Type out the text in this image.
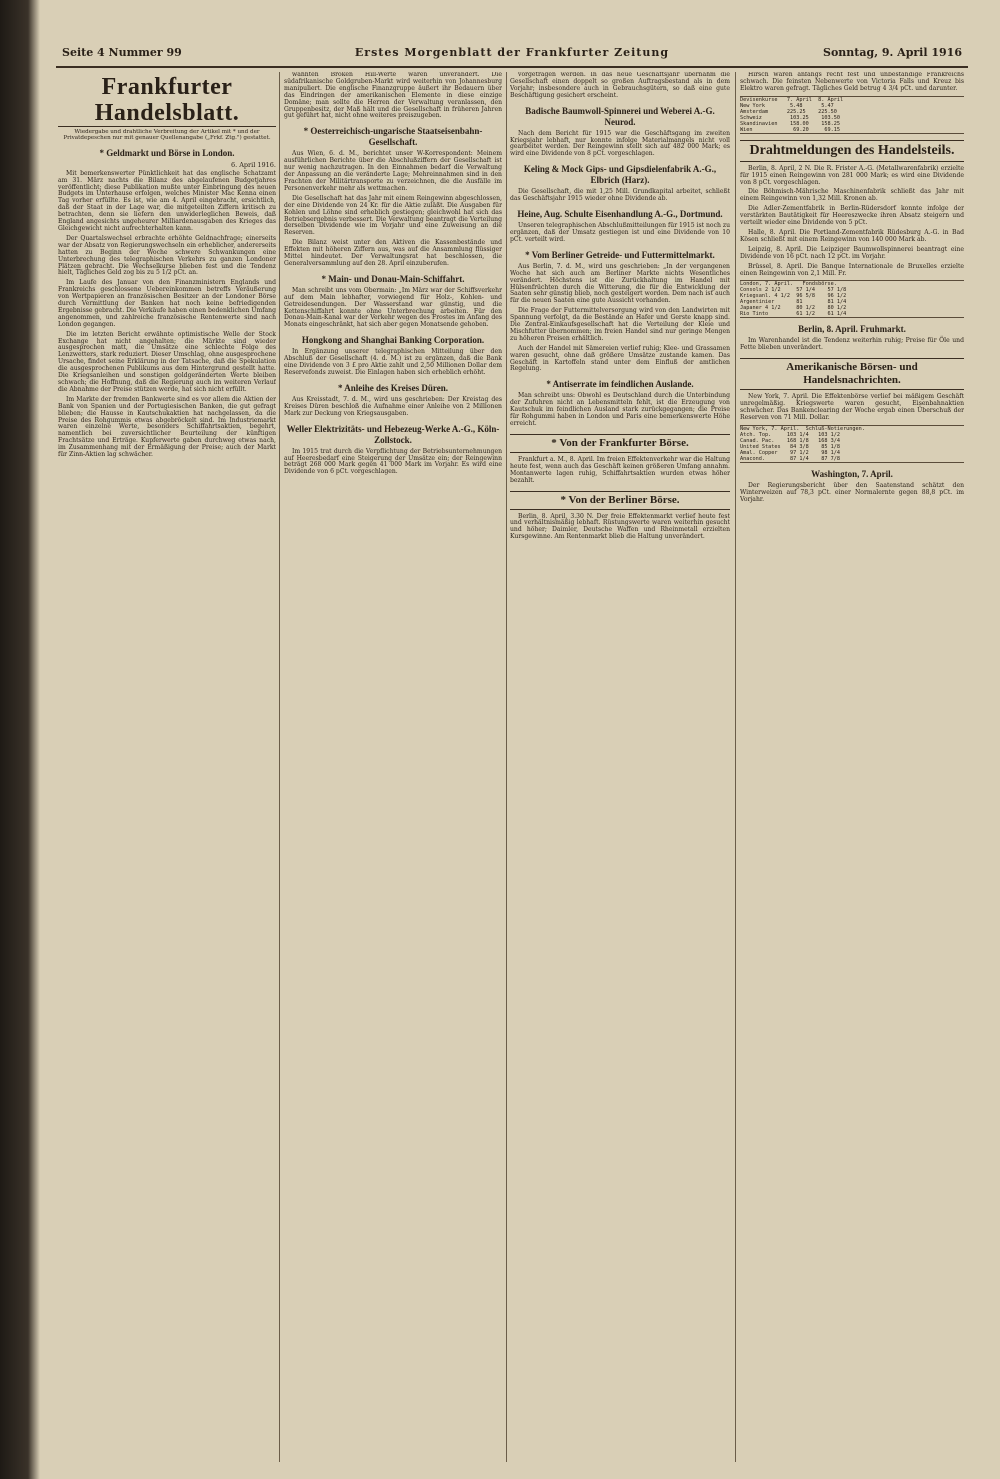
Seite 4 Nummer 99	Erstes Morgenblatt der Frankfurter Zeitung	Sonntag, 9. April 1916
Frankfurter Handelsblatt.
Wiedergabe und drahtliche Verbreitung der Artikel mit * und der Privatdepeschen nur mit genauer Quellenangabe („Frkf. Ztg.") gestattet.
* Geldmarkt und Börse in London.
6. April 1916.

Mit bemerkenswerter Pünktlichkeit hat das englische Schatzamt am 31. März nachts die Bilanz des abgelaufenen Budgetjahres veröffentlicht; diese Publikation mußte unter Einbringung des neuen Budgets im Unterhause erfolgen, welches Minister Mac Kenna einen Tag vorher erfüllte. Es ist, wie am 4. April eingebracht, ersichtlich, daß der Staat in der Lage war, die mitgeteilten Ziffern kritisch zu betrachten, denn sie liefern den unwiderleglichen Beweis, daß England angesichts ungeheurer Milliardenausgaben des Krieges das Gleichgewicht nicht aufrechterhalten kann.

Der Quartalswechsel erbrachte erhöhte Geldnachfrage; einerseits war der Absatz von Regierungswechseln ein erheblicher, andererseits hatten zu Beginn der Woche schwere Schwankungen eine Unterbrechung des telegraphischen Verkehrs zu ganzen Londoner Plätzen gebracht. Die Wechselkurse blieben fest und die Tendenz hielt, Tägliches Geld zog bis zu 5 1/2 pCt. an.

Im Laufe des Januar von den Finanzministern Englands und Frankreichs geschlossene Uebereinkommen betreffs Veräußerung von Wertpapieren an französischen Besitzer an der Londoner Börse durch Vermittlung der Banken hat noch keine befriedigenden Ergebnisse gebracht. Die Verkäufe haben einen bedenklichen Umfang angenommen, und zahlreiche französische Rentenwerte sind nach London gegangen.

Die im letzten Bericht erwähnte optimistische Welle der Stock Exchange hat nicht angehalten; die Märkte sind wieder ausgesprochen matt, die Umsätze eine schlechte Folge des Lenzwetters, stark reduziert. Dieser Umschlag, ohne ausgesprochene Ursache, findet seine Erklärung in der Tatsache, daß die Spekulation die ausgesprochenen Publikums aus dem Hintergrund gestellt hatte. Die Kriegsanleihen und sonstigen goldgeränderten Werte bleiben schwach; die Hoffnung, daß die Regierung auch im weiteren Verlauf die Abnahme der Preise stützen werde, hat sich nicht erfüllt.

Im Markte der fremden Bankwerte sind es vor allem die Aktien der Bank von Spanien und der Portugiesischen Banken, die gut gefragt blieben; die Hausse in Kautschukaktien hat nachgelassen, da die Preise des Rohgummis etwas abgebröckelt sind. Im Industriemarkt waren einzelne Werte, besonders Schiffahrtsaktien, begehrt, namentlich bei zuversichtlicher Beurteilung der künftigen Frachtsätze und Erträge. Kupferwerte gaben durchweg etwas nach, im Zusammenhang mit der Ermäßigung der Preise; auch der Markt für Zinn-Aktien lag schwächer.

wähnten Broken Hill-Werte waren unverändert. Die südafrikanische Goldgruben-Markt wird weiterhin von Johannesburg manipuliert. Die englische Finanzgruppe äußert ihr Bedauern über das Eindringen der amerikanischen Elemente in diese einzige Domäne; man sollte die Herren der Verwaltung veranlassen, den Gruppenbesitz, der Maß hält und die Gesellschaft in früheren Jahren gut geführt hat, nicht ohne weiteres preiszugeben.

* Oesterreichisch-ungarische Staatseisenbahn-Gesellschaft.

Aus Wien, 6. d. M., berichtet unser W-Korrespondent: Meinem ausführlichen Berichte über die Abschlußziffern der Gesellschaft ist nur wenig nachzutragen. In den Einnahmen bedarf die Verwaltung der Anpassung an die veränderte Lage; Mehreinnahmen sind in den Frachten der Militärtransporte zu verzeichnen, die die Ausfälle im Personenverkehr mehr als wettmachen.

Die Gesellschaft hat das Jahr mit einem Reingewinn abgeschlossen, der eine Dividende von 24 Kr. für die Aktie zuläßt. Die Ausgaben für Kohlen und Löhne sind erheblich gestiegen; gleichwohl hat sich das Betriebsergebnis verbessert. Die Verwaltung beantragt die Verteilung derselben Dividende wie im Vorjahr und eine Zuweisung an die Reserven.

Die Bilanz weist unter den Aktiven die Kassenbestände und Effekten mit höheren Ziffern aus, was auf die Ansammlung flüssiger Mittel hindeutet. Der Verwaltungsrat hat beschlossen, die Generalversammlung auf den 28. April einzuberufen.

* Main- und Donau-Main-Schiffahrt.

Man schreibt uns vom Obermain: „Im März war der Schiffsverkehr auf dem Main lebhafter, vorwiegend für Holz-, Kohlen- und Getreidesendungen. Der Wasserstand war günstig, und die Kettenschiffahrt konnte ohne Unterbrechung arbeiten. Für den Donau-Main-Kanal war der Verkehr wegen des Frostes im Anfang des Monats eingeschränkt, hat sich aber gegen Monatsende gehoben.

Hongkong and Shanghai Banking Corporation.

In Ergänzung unserer telegraphischen Mitteilung über den Abschluß der Gesellschaft (4. d. M.) ist zu ergänzen, daß die Bank eine Dividende von 3 £ pro Aktie zahlt und 2,50 Millionen Dollar dem Reservefonds zuweist. Die Einlagen haben sich erheblich erhöht.

* Anleihe des Kreises Düren.

Aus Kreisstadt, 7. d. M., wird uns geschrieben: Der Kreistag des Kreises Düren beschloß die Aufnahme einer Anleihe von 2 Millionen Mark zur Deckung von Kriegsausgaben.

Weller Elektrizitäts- und Hebezeug-Werke A.-G., Köln-Zollstock.

Im 1915 trat durch die Verpflichtung der Betriebsunternehmungen auf Heeresbedarf eine Steigerung der Umsätze ein; der Reingewinn beträgt 268 000 Mark gegen 41 000 Mark im Vorjahr. Es wird eine Dividende von 6 pCt. vorgeschlagen.

vorgetragen werden. In das neue Geschäftsjahr übernahm die Gesellschaft einen doppelt so großen Auftragsbestand als in dem Vorjahr; insbesondere auch in Gebrauchsgütern, so daß eine gute Beschäftigung gesichert erscheint.

Badische Baumwoll-Spinnerei und Weberei A.-G. Neurod.

Nach dem Bericht für 1915 war die Geschäftsgang im zweiten Kriegsjahr lebhaft, nur konnte infolge Materialmangels nicht voll gearbeitet werden. Der Reingewinn stellt sich auf 482 000 Mark; es wird eine Dividende von 8 pCt. vorgeschlagen.

Keling & Mock Gips- und Gipsdielenfabrik A.-G., Elbrich (Harz).

Die Gesellschaft, die mit 1,25 Mill. Grundkapital arbeitet, schließt das Geschäftsjahr 1915 wieder ohne Dividende ab.

Heine, Aug. Schulte Eisenhandlung A.-G., Dortmund.

Unseren telegraphischen Abschlußmitteilungen für 1915 ist noch zu ergänzen, daß der Umsatz gestiegen ist und eine Dividende von 10 pCt. verteilt wird.

* Vom Berliner Getreide- und Futtermittelmarkt.

Aus Berlin, 7. d. M., wird uns geschrieben: „In der vergangenen Woche hat sich auch am Berliner Markte nichts Wesentliches verändert. Höchstens ist die Zurückhaltung im Handel mit Hülsenfrüchten durch die Witterung, die für die Entwicklung der Saaten sehr günstig blieb, noch gesteigert worden. Dem nach ist auch für die neuen Saaten eine gute Aussicht vorhanden.

Die Frage der Futtermittelversorgung wird von den Landwirten mit Spannung verfolgt, da die Bestände an Hafer und Gerste knapp sind. Die Zentral-Einkaufsgesellschaft hat die Verteilung der Kleie und Mischfutter übernommen; im freien Handel sind nur geringe Mengen zu höheren Preisen erhältlich.

Auch der Handel mit Sämereien verlief ruhig; Klee- und Grassamen waren gesucht, ohne daß größere Umsätze zustande kamen. Das Geschäft in Kartoffeln stand unter dem Einfluß der amtlichen Regelung.

* Antiserrate im feindlichen Auslande.

Man schreibt uns: Obwohl es Deutschland durch die Unterbindung der Zufuhren nicht an Lebensmitteln fehlt, ist die Erzeugung von Kautschuk im feindlichen Ausland stark zurückgegangen; die Preise für Rohgummi haben in London und Paris eine bemerkenswerte Höhe erreicht.

* Von der Frankfurter Börse.

Frankfurt a. M., 8. April. Im freien Effektenverkehr war die Haltung heute fest, wenn auch das Geschäft keinen größeren Umfang annahm. Montanwerte lagen ruhig, Schiffahrtsaktien wurden etwas höher bezahlt.

* Von der Berliner Börse.

Berlin, 8. April, 3.30 N. Der freie Effektenmarkt verlief heute fest und verhältnismäßig lebhaft. Rüstungswerte waren weiterhin gesucht und höher; Daimler, Deutsche Waffen und Rheinmetall erzielten Kursgewinne. Am Rentenmarkt blieb die Haltung unverändert.

Hirsch waren anfangs recht fest und unbeständige Frankreichs schwach. Die feinsten Nebenwerte von Victoria Falls und Kreuz bis Elektro waren gefragt. Tägliches Geld betrug 4 3/4 pCt. und darunter.

Devisenkurse   7. April  8. April
New York        5.48      5.47
Amsterdam      225.25    225.50
Schweiz         103.25    103.50
Skandinavien    158.00    158.25
Wien             69.20     69.15
Drahtmeldungen des Handelsteils.

Berlin, 8. April, 2 N. Die R. Frister A.-G. (Metallwarenfabrik) erzielte für 1915 einen Reingewinn von 281 000 Mark; es wird eine Dividende von 8 pCt. vorgeschlagen.

Die Böhmisch-Mährische Maschinenfabrik schließt das Jahr mit einem Reingewinn von 1,32 Mill. Kronen ab.

Die Adler-Zementfabrik in Berlin-Rüdersdorf konnte infolge der verstärkten Bautätigkeit für Heereszwecke ihren Absatz steigern und verteilt wieder eine Dividende von 5 pCt.

Halle, 8. April. Die Portland-Zementfabrik Rüdesburg A.-G. in Bad Kösen schließt mit einem Reingewinn von 140 000 Mark ab.

Leipzig, 8. April. Die Leipziger Baumwollspinnerei beantragt eine Dividende von 16 pCt. nach 12 pCt. im Vorjahr.

Brüssel, 8. April. Die Banque Internationale de Bruxelles erzielte einen Reingewinn von 2,1 Mill. Fr.

London, 7. April.   Fondsbörse.
Consols 2 1/2     57 1/4    57 1/8
Kriegsanl. 4 1/2  96 5/8    96 1/2
Argentinier       81        81 1/4
Japaner 4 1/2     80 1/2    80 1/2
Rio Tinto         61 1/2    61 1/4
Berlin, 8. April. Fruhmarkt.

Im Warenhandel ist die Tendenz weiterhin ruhig; Preise für Öle und Fette blieben unverändert.

Amerikanische Börsen- und Handelsnachrichten.

New York, 7. April. Die Effektenbörse verlief bei mäßigem Geschäft unregelmäßig. Kriegswerte waren gesucht, Eisenbahnaktien schwächer. Das Bankenclearing der Woche ergab einen Überschuß der Reserven von 71 Mill. Dollar.

New York, 7. April.  Schluß-Notierungen.
Atch. Top.     103 1/4   103 1/2
Canad. Pac.    168 1/8   168 3/4
United States   84 3/8    85 1/8
Amal. Copper    97 1/2    98 1/4
Anacond.        87 1/4    87 7/8
Washington, 7. April.

Der Regierungsbericht über den Saatenstand schätzt den Winterweizen auf 78,3 pCt. einer Normalernte gegen 88,8 pCt. im Vorjahr.
